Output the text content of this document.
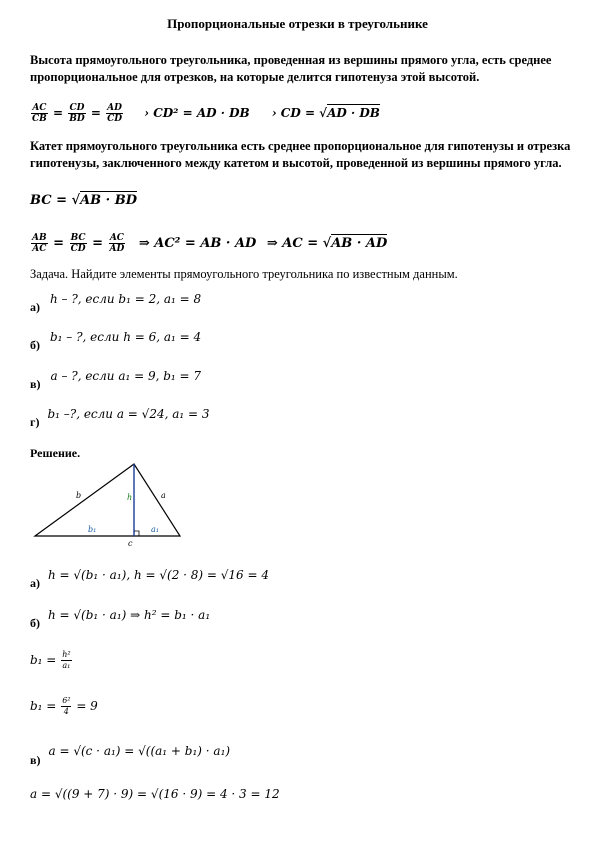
Пропорциональные отрезки в треугольнике
Высота прямоугольного треугольника, проведенная из вершины прямого угла, есть среднее пропорциональное для отрезков, на которые делится гипотенуза этой высотой.
$\frac{AC}{CB} = \frac{CD}{BD} = \frac{AD}{CD}$ › CD² = AD · DB › CD = √AD · DB
Катет прямоугольного треугольника есть среднее пропорциональное для гипотенузы и отрезка гипотенузы, заключенного между катетом и высотой, проведенной из вершины прямого угла.
BC = √AB · BD
$\frac{AB}{AC} = \frac{BC}{CD} = \frac{AC}{AD}$ ⇒ AC² = AB · AD ⇒ AC = √AB · AD
Задача. Найдите элементы прямоугольного треугольника по известным данным.
$_{а)}$ h – ?, если b₁ = 2, a₁ = 8
$_{б)}$ b₁ – ?, если h = 6, a₁ = 4
$_{в)}$ a – ?, если a₁ = 9, b₁ = 7
$_{г)}$ b₁ –?, если a = √24, a₁ = 3
Решение.
b	h	a
b₁	a₁
c
$_{а)}$ h = √(b₁ · a₁), h = √(2 · 8) = √16 = 4
$_{б)}$ h = √(b₁ · a₁) ⇒ h² = b₁ · a₁
$b_1 = \frac{\text{h²}}{\text{a₁}}$
$b_1 = \frac{\text{6²}}{4} = 9$
$_{в)}$ a = √(c · a₁) = √((a₁ + b₁) · a₁)
a = √((9 + 7) · 9) = √(16 · 9) = 4 · 3 = 12
